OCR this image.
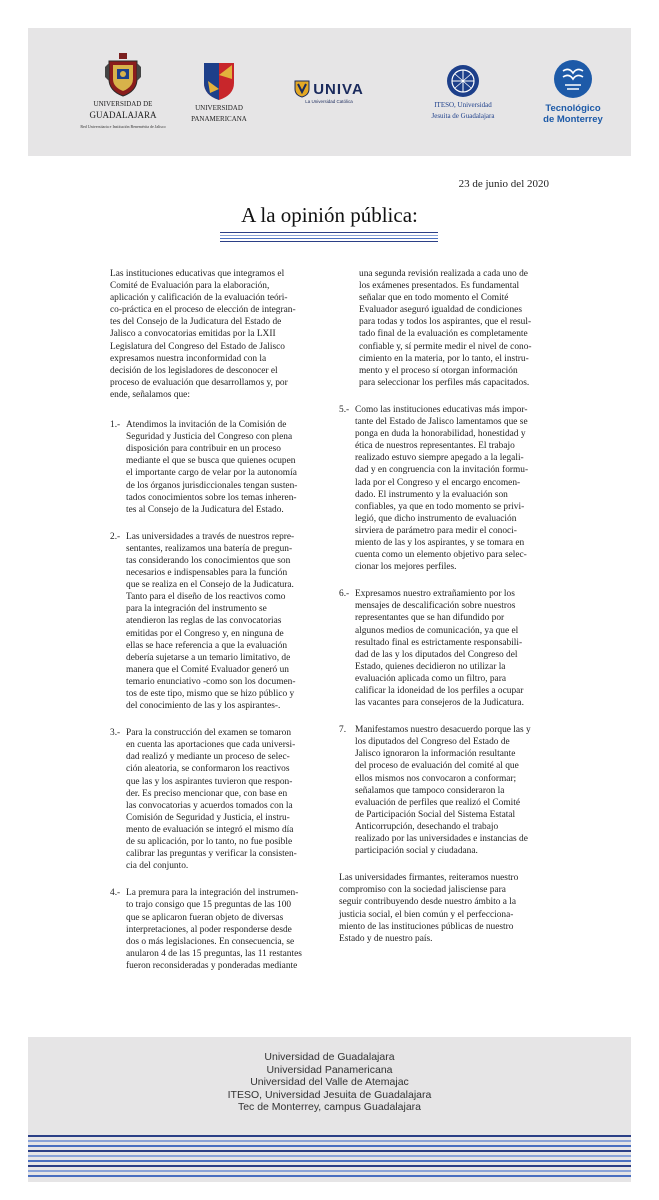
UNIVERSIDAD DE
GUADALAJARA
Red Universitaria e Institución Benemérita de Jalisco
UNIVERSIDAD
PANAMERICANA
UNIVA
La Universidad Católica	ITESO, Universidad
Jesuita de Guadalajara
Tecnológico
de Monterrey
23 de junio del 2020
A la opinión pública:

Las instituciones educativas que integramos el
Comité de Evaluación para la elaboración,
aplicación y calificación de la evaluación teóri-
co-práctica en el proceso de elección de integran-
tes del Consejo de la Judicatura del Estado de
Jalisco a convocatorias emitidas por la LXII
Legislatura del Congreso del Estado de Jalisco
expresamos nuestra inconformidad con la
decisión de los legisladores de desconocer el
proceso de evaluación que desarrollamos y, por
ende, señalamos que:

1.- Atendimos la invitación de la Comisión de
Seguridad y Justicia del Congreso con plena
disposición para contribuir en un proceso
mediante el que se busca que quienes ocupen
el importante cargo de velar por la autonomía
de los órganos jurisdiccionales tengan susten-
tados conocimientos sobre los temas inheren-
tes al Consejo de la Judicatura del Estado.
2.- Las universidades a través de nuestros repre-
sentantes, realizamos una batería de pregun-
tas considerando los conocimientos que son
necesarios e indispensables para la función
que se realiza en el Consejo de la Judicatura.
Tanto para el diseño de los reactivos como
para la integración del instrumento se
atendieron las reglas de las convocatorias
emitidas por el Congreso y, en ninguna de
ellas se hace referencia a que la evaluación
debería sujetarse a un temario limitativo, de
manera que el Comité Evaluador generó un
temario enunciativo -como son los documen-
tos de este tipo, mismo que se hizo público y
del conocimiento de las y los aspirantes-.
3.- Para la construcción del examen se tomaron
en cuenta las aportaciones que cada universi-
dad realizó y mediante un proceso de selec-
ción aleatoria, se conformaron los reactivos
que las y los aspirantes tuvieron que respon-
der. Es preciso mencionar que, con base en
las convocatorias y acuerdos tomados con la
Comisión de Seguridad y Justicia, el instru-
mento de evaluación se integró el mismo día
de su aplicación, por lo tanto, no fue posible
calibrar las preguntas y verificar la consisten-
cia del conjunto.
4.- La premura para la integración del instrumen-
to trajo consigo que 15 preguntas de las 100
que se aplicaron fueran objeto de diversas
interpretaciones, al poder responderse desde
dos o más legislaciones. En consecuencia, se
anularon 4 de las 15 preguntas, las 11 restantes
fueron reconsideradas y ponderadas mediante
una segunda revisión realizada a cada uno de
los exámenes presentados. Es fundamental
señalar que en todo momento el Comité
Evaluador aseguró igualdad de condiciones
para todas y todos los aspirantes, que el resul-
tado final de la evaluación es completamente
confiable y, sí permite medir el nivel de cono-
cimiento en la materia, por lo tanto, el instru-
mento y el proceso sí otorgan información
para seleccionar los perfiles más capacitados.
5.- Como las instituciones educativas más impor-
tante del Estado de Jalisco lamentamos que se
ponga en duda la honorabilidad, honestidad y
ética de nuestros representantes. El trabajo
realizado estuvo siempre apegado a la legali-
dad y en congruencia con la invitación formu-
lada por el Congreso y el encargo encomen-
dado. El instrumento y la evaluación son
confiables, ya que en todo momento se privi-
legió, que dicho instrumento de evaluación
sirviera de parámetro para medir el conoci-
miento de las y los aspirantes, y se tomara en
cuenta como un elemento objetivo para selec-
cionar los mejores perfiles.
6.- Expresamos nuestro extrañamiento por los
mensajes de descalificación sobre nuestros
representantes que se han difundido por
algunos medios de comunicación, ya que el
resultado final es estrictamente responsabili-
dad de las y los diputados del Congreso del
Estado, quienes decidieron no utilizar la
evaluación aplicada como un filtro, para
calificar la idoneidad de los perfiles a ocupar
las vacantes para consejeros de la Judicatura.
7. Manifestamos nuestro desacuerdo porque las y
los diputados del Congreso del Estado de
Jalisco ignoraron la información resultante
del proceso de evaluación del comité al que
ellos mismos nos convocaron a conformar;
señalamos que tampoco consideraron la
evaluación de perfiles que realizó el Comité
de Participación Social del Sistema Estatal
Anticorrupción, desechando el trabajo
realizado por las universidades e instancias de
participación social y ciudadana.

Las universidades firmantes, reiteramos nuestro
compromiso con la sociedad jalisciense para
seguir contribuyendo desde nuestro ámbito a la
justicia social, el bien común y el perfecciona-
miento de las instituciones públicas de nuestro
Estado y de nuestro país.

Universidad de Guadalajara
Universidad Panamericana
Universidad del Valle de Atemajac
ITESO, Universidad Jesuita de Guadalajara
Tec de Monterrey, campus Guadalajara
